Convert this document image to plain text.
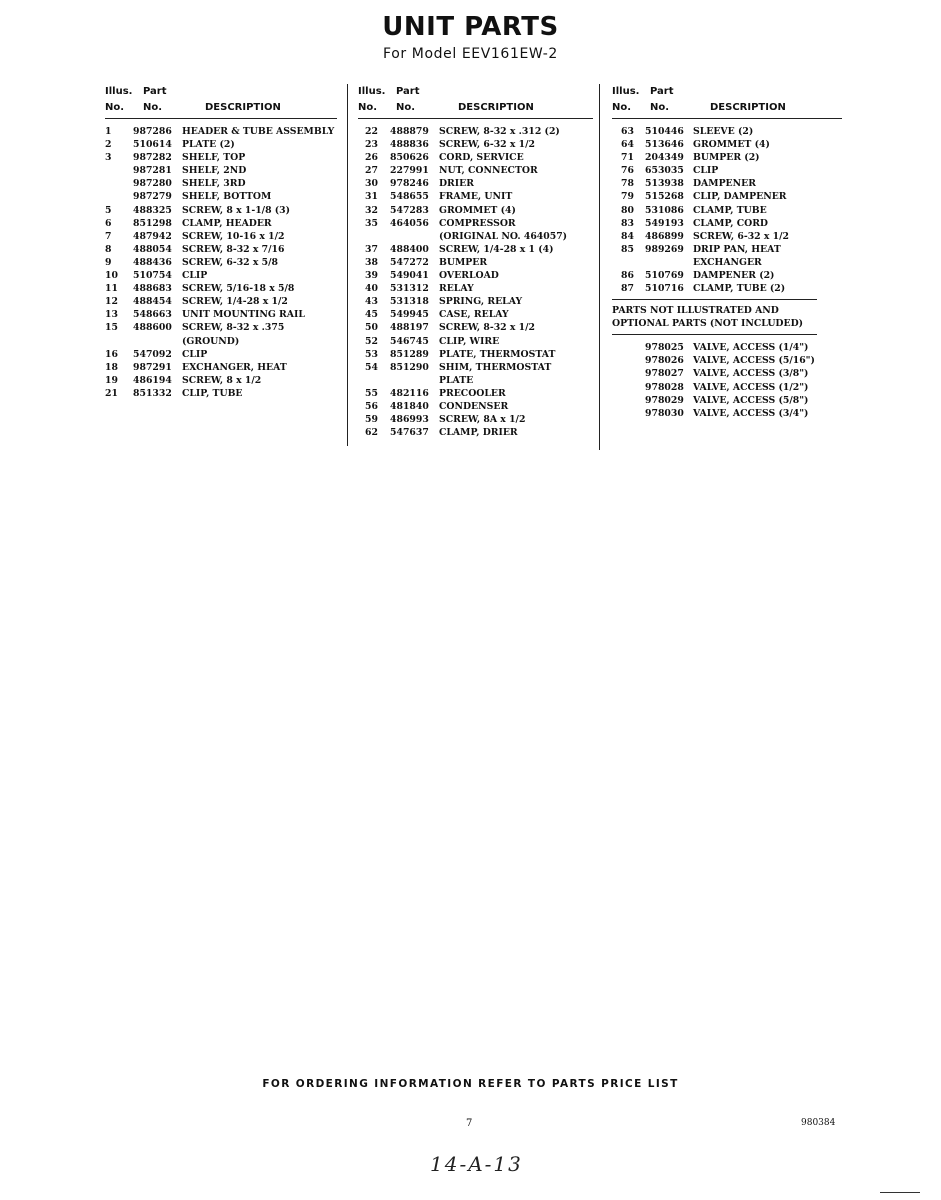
UNIT PARTS
For Model EEV161EW-2
Illus. Part
No. No.	DESCRIPTION
1 987286 HEADER & TUBE ASSEMBLY
2 510614 PLATE (2)
3 987282 SHELF, TOP
987281 SHELF, 2ND
987280 SHELF, 3RD
987279 SHELF, BOTTOM
5 488325 SCREW, 8 x 1-1/8 (3)
6 851298 CLAMP, HEADER
7 487942 SCREW, 10-16 x 1/2
8 488054 SCREW, 8-32 x 7/16
9 488436 SCREW, 6-32 x 5/8
10 510754 CLIP
11 488683 SCREW, 5/16-18 x 5/8
12 488454 SCREW, 1/4-28 x 1/2
13 548663 UNIT MOUNTING RAIL
15 488600 SCREW, 8-32 x .375
(GROUND)
16 547092 CLIP
18 987291 EXCHANGER, HEAT
19 486194 SCREW, 8 x 1/2
21 851332 CLIP, TUBE
Illus. Part
No. No.	DESCRIPTION
22 488879 SCREW, 8-32 x .312 (2)
23 488836 SCREW, 6-32 x 1/2
26 850626 CORD, SERVICE
27 227991 NUT, CONNECTOR
30 978246 DRIER
31 548655 FRAME, UNIT
32 547283 GROMMET (4)
35 464056 COMPRESSOR
(ORIGINAL NO. 464057)
37 488400 SCREW, 1/4-28 x 1 (4)
38 547272 BUMPER
39 549041 OVERLOAD
40 531312 RELAY
43 531318 SPRING, RELAY
45 549945 CASE, RELAY
50 488197 SCREW, 8-32 x 1/2
52 546745 CLIP, WIRE
53 851289 PLATE, THERMOSTAT
54 851290 SHIM, THERMOSTAT
PLATE
55 482116 PRECOOLER
56 481840 CONDENSER
59 486993 SCREW, 8A x 1/2
62 547637 CLAMP, DRIER
Illus. Part
No. No.	DESCRIPTION
63 510446 SLEEVE (2)
64 513646 GROMMET (4)
71 204349 BUMPER (2)
76 653035 CLIP
78 513938 DAMPENER
79 515268 CLIP, DAMPENER
80 531086 CLAMP, TUBE
83 549193 CLAMP, CORD
84 486899 SCREW, 6-32 x 1/2
85 989269 DRIP PAN, HEAT
EXCHANGER
86 510769 DAMPENER (2)
87 510716 CLAMP, TUBE (2)
PARTS NOT ILLUSTRATED AND
OPTIONAL PARTS (NOT INCLUDED)
978025 VALVE, ACCESS (1/4")
978026 VALVE, ACCESS (5/16")
978027 VALVE, ACCESS (3/8")
978028 VALVE, ACCESS (1/2")
978029 VALVE, ACCESS (5/8")
978030 VALVE, ACCESS (3/4")
FOR ORDERING INFORMATION REFER TO PARTS PRICE LIST
7	980384
14-A-13
